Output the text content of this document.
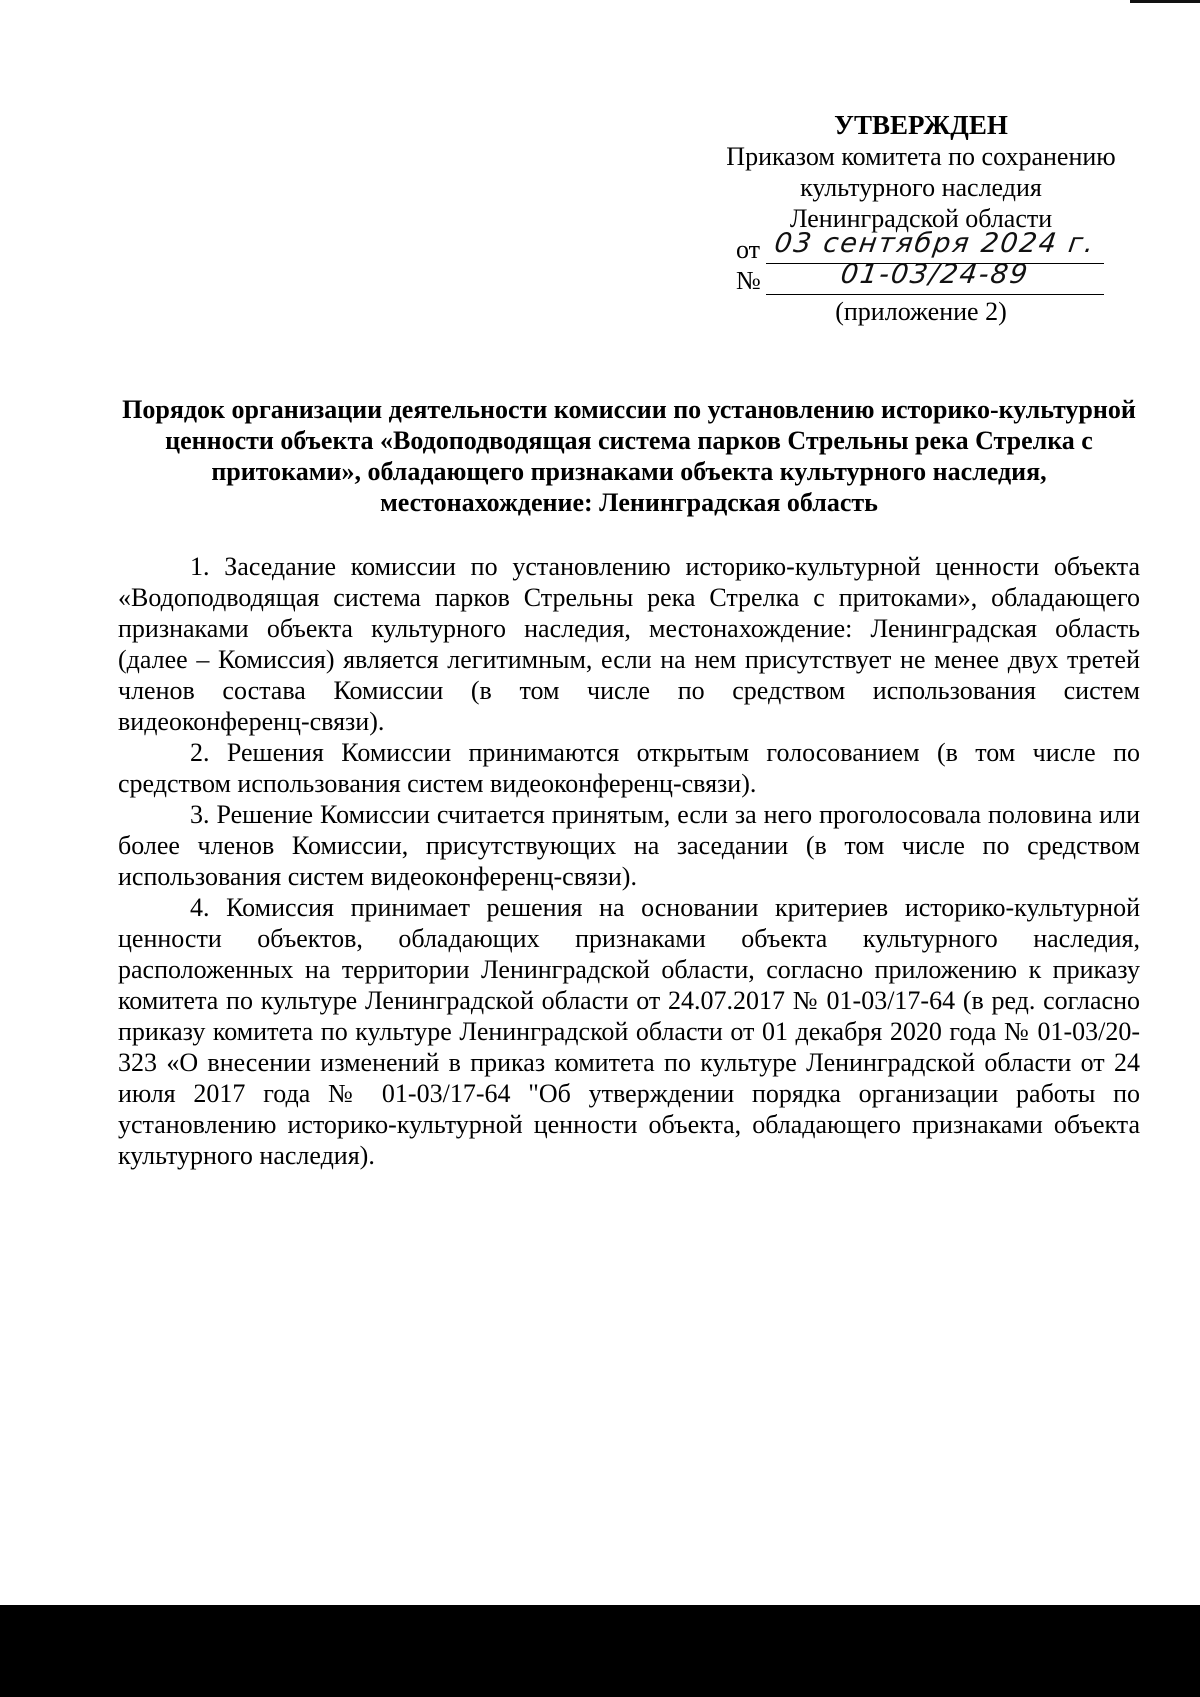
УТВЕРЖДЕН
Приказом комитета по сохранению
культурного наследия
Ленинградской области
от 03 сентября 2024 г.
№	01-03/24-89
(приложение 2)
Порядок организации деятельности комиссии по установлению историко-культурной ценности объекта «Водоподводящая система парков Стрельны река Стрелка с притоками», обладающего признаками объекта культурного наследия, местонахождение: Ленинградская область

1. Заседание комиссии по установлению историко-культурной ценности объекта «Водоподводящая система парков Стрельны река Стрелка с притоками», обладающего признаками объекта культурного наследия, местонахождение: Ленинградская область (далее – Комиссия) является легитимным, если на нем присутствует не менее двух третей членов состава Комиссии (в том числе по средством использования систем видеоконференц-связи).

2. Решения Комиссии принимаются открытым голосованием (в том числе по средством использования систем видеоконференц-связи).

3. Решение Комиссии считается принятым, если за него проголосовала половина или более членов Комиссии, присутствующих на заседании (в том числе по средством использования систем видеоконференц-связи).

4. Комиссия принимает решения на основании критериев историко-культурной ценности объектов, обладающих признаками объекта культурного наследия, расположенных на территории Ленинградской области, согласно приложению к приказу комитета по культуре Ленинградской области от 24.07.2017 № 01-03/17-64 (в ред. согласно приказу комитета по культуре Ленинградской области от 01 декабря 2020 года № 01-03/20-323 «О внесении изменений в приказ комитета по культуре Ленинградской области от 24 июля 2017 года № 01-03/17-64 "Об утверждении порядка организации работы по установлению историко-культурной ценности объекта, обладающего признаками объекта культурного наследия).
